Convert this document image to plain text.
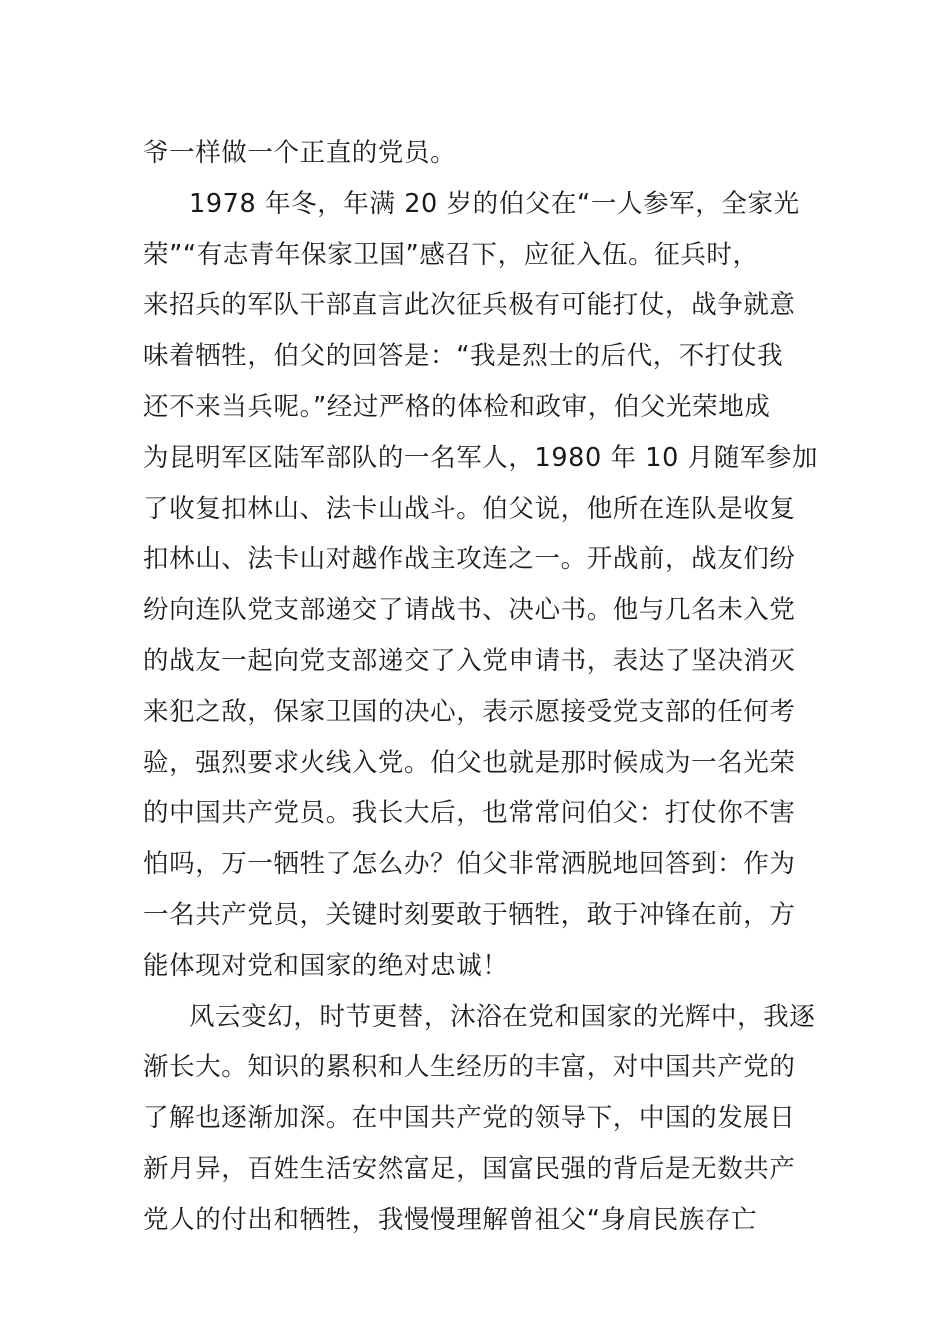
爷一样做一个正直的党员。
1978 年冬，年满 20 岁的伯父在“一人参军，全家光
荣”“有志青年保家卫国”感召下，应征入伍。征兵时，
来招兵的军队干部直言此次征兵极有可能打仗，战争就意
味着牺牲，伯父的回答是：“我是烈士的后代，不打仗我
还不来当兵呢。”经过严格的体检和政审，伯父光荣地成
为昆明军区陆军部队的一名军人，1980 年 10 月随军参加
了收复扣林山、法卡山战斗。伯父说，他所在连队是收复
扣林山、法卡山对越作战主攻连之一。开战前，战友们纷
纷向连队党支部递交了请战书、决心书。他与几名未入党
的战友一起向党支部递交了入党申请书，表达了坚决消灭
来犯之敌，保家卫国的决心，表示愿接受党支部的任何考
验，强烈要求火线入党。伯父也就是那时候成为一名光荣
的中国共产党员。我长大后，也常常问伯父：打仗你不害
怕吗，万一牺牲了怎么办？伯父非常洒脱地回答到：作为
一名共产党员，关键时刻要敢于牺牲，敢于冲锋在前，方
能体现对党和国家的绝对忠诚！
风云变幻，时节更替，沐浴在党和国家的光辉中，我逐
渐长大。知识的累积和人生经历的丰富，对中国共产党的
了解也逐渐加深。在中国共产党的领导下，中国的发展日
新月异，百姓生活安然富足，国富民强的背后是无数共产
党人的付出和牺牲，我慢慢理解曾祖父“身肩民族存亡
